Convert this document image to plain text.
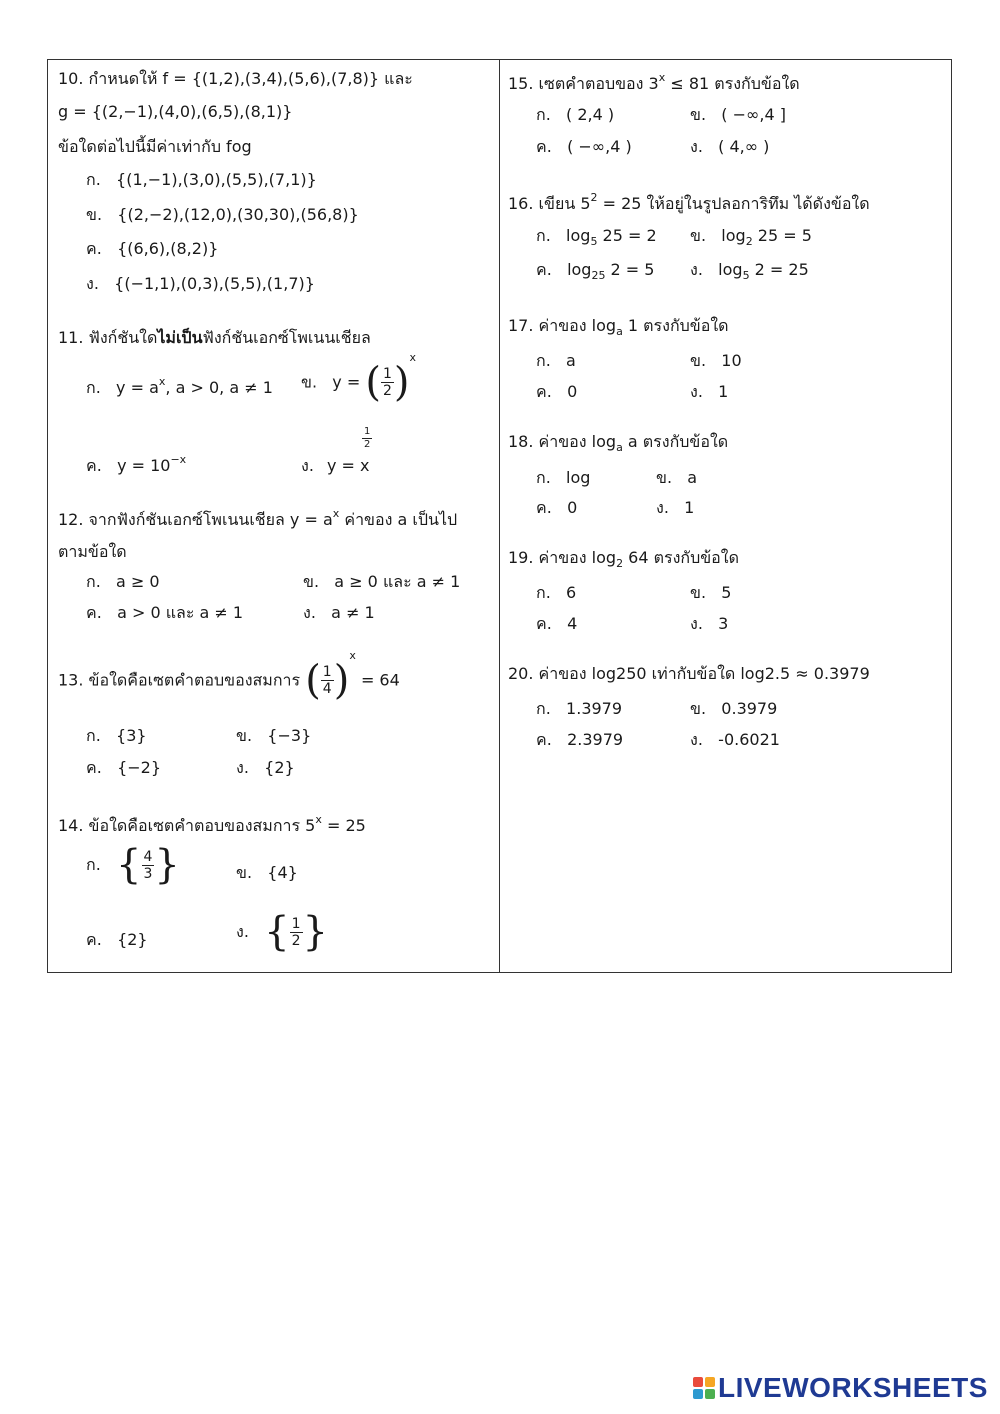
10. กำหนดให้ f = {(1,2),(3,4),(5,6),(7,8)} และ
g = {(2,−1),(4,0),(6,5),(8,1)}
ข้อใดต่อไปนี้มีค่าเท่ากับ fog
ก. {(1,−1),(3,0),(5,5),(7,1)}
ข. {(2,−2),(12,0),(30,30),(56,8)}
ค. {(6,6),(8,2)}
ง. {(−1,1),(0,3),(5,5),(1,7)}
11. ฟังก์ชันใดไม่เป็นฟังก์ชันเอกซ์โพเนนเชียล
ก. $y = a^x$, a > 0, a ≠ 1 ข. y = ( $\frac{1}{2} )^x$
ค. $y = 10^{-x}$	ง. y = x
$\frac{1}{2}$
12. จากฟังก์ชันเอกซ์โพเนนเชียล $y = a^x$ ค่าของ a เป็นไป
ตามข้อใด
ก. a ≥ 0	ข. a ≥ 0 และ a ≠ 1
ค. a > 0 และ a ≠ 1	ง. a ≠ 1
13. ข้อใดคือเซตคำตอบของสมการ ( $\frac{1}{4} )^x = 64$
ก. {3}	ข. {−3}
ค. {−2}	ง. {2}
14. ข้อใดคือเซตคำตอบของสมการ $5^x = 25$
ก. { $\frac{4}{3}$ }	ข. {4}
ค. {2}	ง. { $\frac{1}{2}$ }
15. เซตคำตอบของ $3^x \le 81$ ตรงกับข้อใด
ก. ( 2,4 )	ข. ( −∞,4 ]
ค. ( −∞,4 )	ง. ( 4,∞ )
16. เขียน $5^2 = 25$ ให้อยู่ในรูปลอการิทึม ได้ดังข้อใด
ก. $\log_5 25 = 2$ ข. $\log_2 25 = 5$
ค. $\log_{25} 2 = 5$ ง. $\log_5 2 = 25$
17. ค่าของ $\log_a 1$ ตรงกับข้อใด
ก. a	ข. 10
ค. 0	ง. 1
18. ค่าของ $\log_a a$ ตรงกับข้อใด
ก. log	ข. a
ค. 0	ง. 1
19. ค่าของ $\log_2 64$ ตรงกับข้อใด
ก. 6	ข. 5
ค. 4	ง. 3
20. ค่าของ log250 เท่ากับข้อใด log2.5 ≈ 0.3979
ก. 1.3979	ข. 0.3979
ค. 2.3979	ง. -0.6021
LIVEWORKSHEETS
